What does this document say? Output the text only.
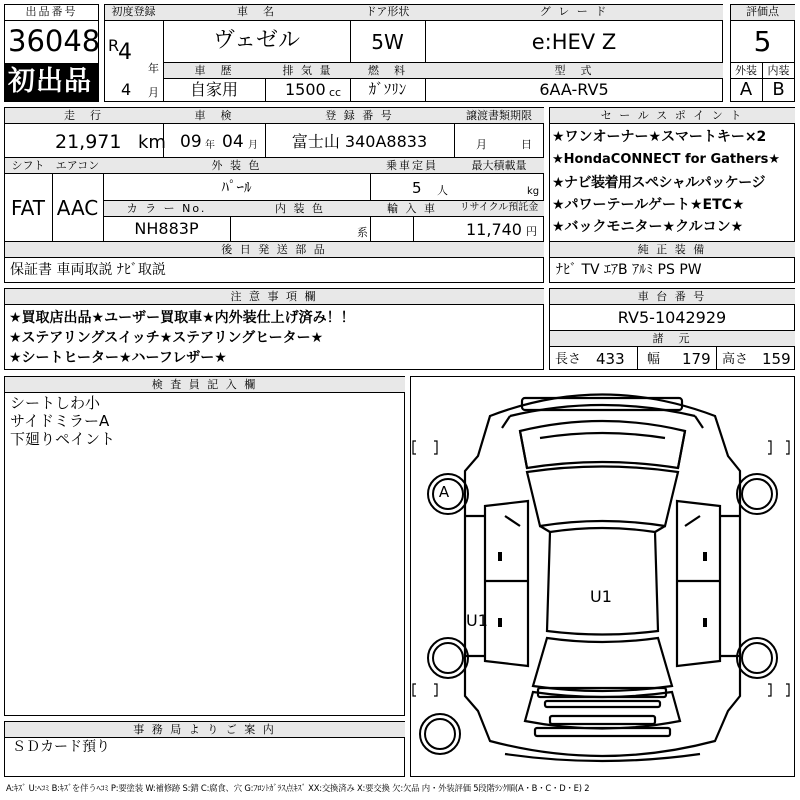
出品番号
36048
初出品
初度登録
R
4
年
4 月
車　名
ヴェゼル
ドア形状
5W
グ レ ー ド
e:HEV Z
車　歴
自家用
排 気 量
1500 cc
燃　料
ｶﾞｿﾘﾝ
型　式
6AA-RV5
評価点
5
外装 内装
A	B
走　行
21,971 km
車　検
09 年 04 月
登 録 番 号
富士山 340A8833
譲渡書類期限
月	日
シフト	エアコン
FAT AAC
外 装 色
ﾊﾟｰﾙ
乗車定員
5 人
最大積載量
kg
カ ラ ー No.
NH883P
内 装 色
系
輸 入 車	リサイクル預託金
11,740 円
後 日 発 送 部 品
保証書 車両取説 ﾅﾋﾞ取説
セ ー ル ス ポ イ ン ト
★ワンオーナー★スマートキー×2
★HondaCONNECT for Gathers★
★ナビ装着用スペシャルパッケージ
★パワーテールゲート★ETC★
★バックモニター★クルコン★
純 正 装 備
ﾅﾋﾞ TV ｴｱB ｱﾙﾐ PS PW
注 意 事 項 欄
★買取店出品★ユーザー買取車★内外装仕上げ済み！！
★ステアリングスイッチ★ステアリングヒーター★
★シートヒーター★ハーフレザー★
車 台 番 号
RV5-1042929
諸　元
長さ 433 幅 179 高さ 159
検 査 員 記 入 欄
シートしわ小
サイドミラーA
下廻りペイント
事 務 局 よ り ご 案 内
ＳＤカード預り
A
U1
U1
A:ｷｽﾞ U:ﾍｺﾐ B:ｷｽﾞを伴うﾍｺﾐ P:要塗装 W:補修跡 S:錆 C:腐食、穴 G:ﾌﾛﾝﾄｶﾞﾗｽ点ｷｽﾞ XX:交換済み X:要交換 欠:欠品 内・外装評価 5段階ﾗﾝｸ順(A・B・C・D・E) 2
